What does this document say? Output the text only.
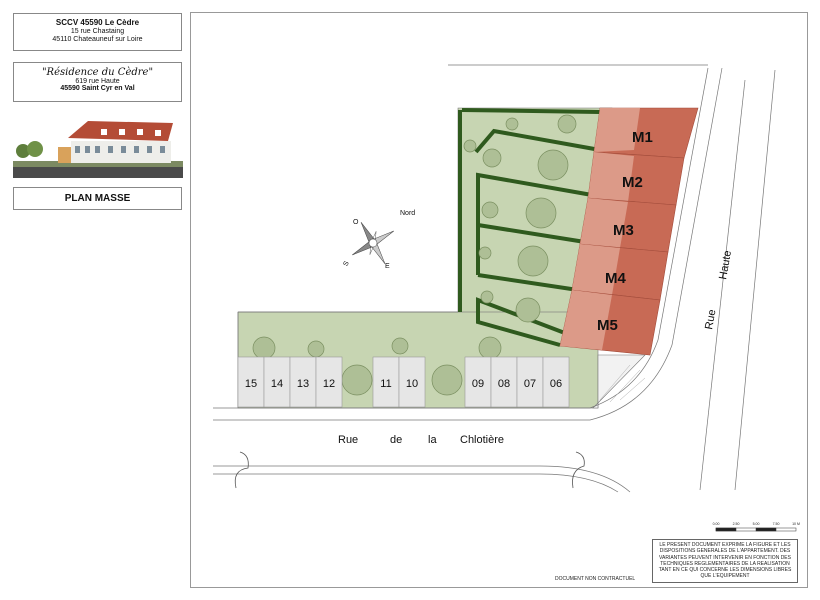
SCCV 45590 Le Cèdre
15 rue Chastaing
45110 Chateauneuf sur Loire
"Résidence du Cèdre"
619 rue Haute
45590 Saint Cyr en Val
PLAN MASSE
15 14 13 12	11 10	09 08 07 06
M1
M2
M3
M4
M5
Nord
O
S	E
Rue	de la Chlotière
Rue
Haute
0.00	2.50	5.00	7.50	10 M
LE PRESENT DOCUMENT EXPRIME LA FIGURE ET LES DISPOSITIONS GENERALES DE L'APPARTEMENT. DES VARIANTES PEUVENT INTERVENIR EN FONCTION DES TECHNIQUES REGLEMENTAIRES DE LA REALISATION TANT EN CE QUI CONCERNE LES DIMENSIONS LIBRES QUE L'EQUIPEMENT
DOCUMENT NON CONTRACTUEL
